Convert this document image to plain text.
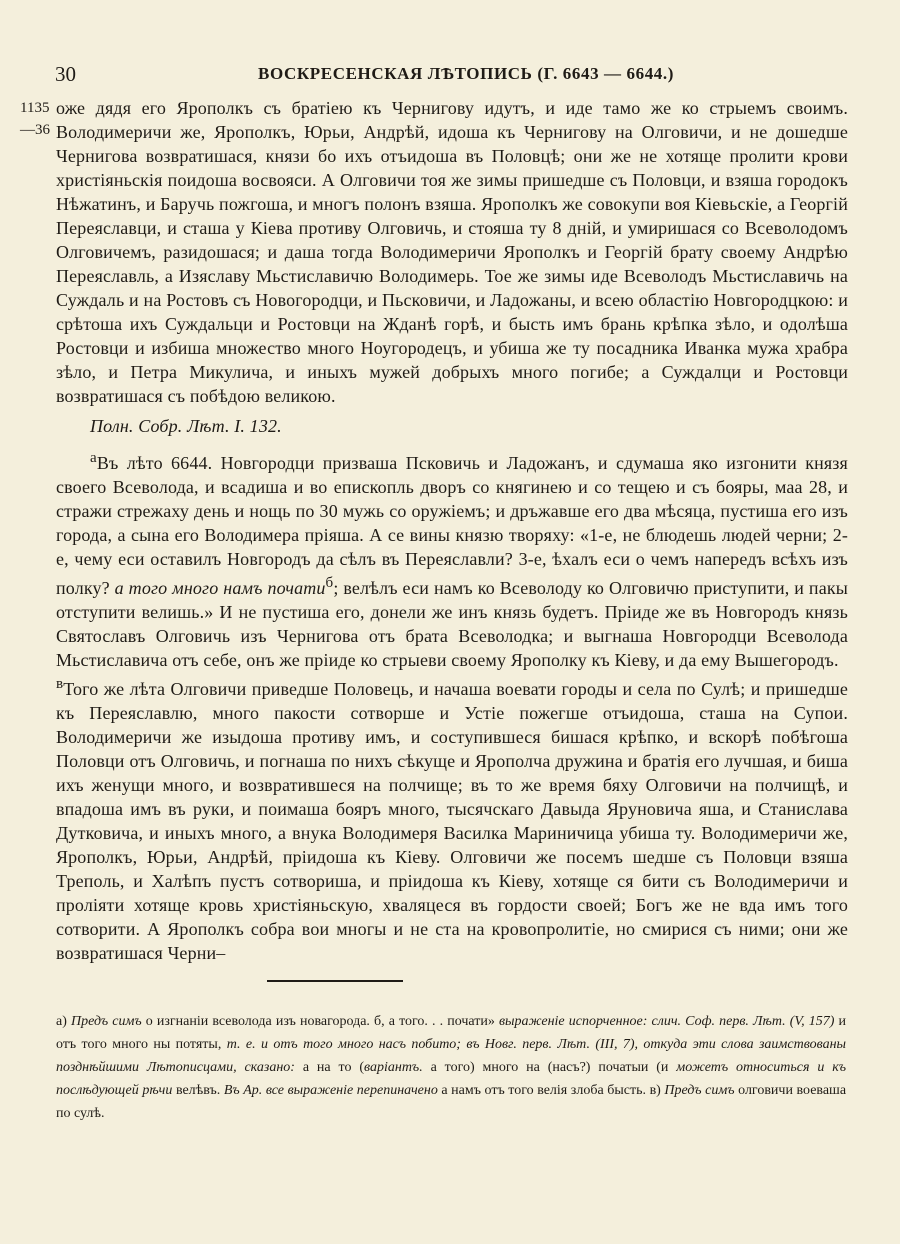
30	ВОСКРЕСЕНСКАЯ ЛѢТОПИСЬ (Г. 6643 — 6644.)
1135
—36

оже дядя его Ярополкъ съ братiею къ Чернигову идутъ, и иде тамо же ко стрыемъ своимъ. Володимеричи же, Ярополкъ, Юрьи, Андрѣй, идоша къ Чернигову на Олговичи, и не дошедше Чернигова возвратишася, князи бо ихъ отъидоша въ Половцѣ; они же не хотяще пролити крови христiяньскiя поидоша восвояси. А Олговичи тоя же зимы пришедше съ Половци, и взяша городокъ Нѣжатинъ, и Баручь пожгоша, и многъ полонъ взяша. Ярополкъ же совокупи воя Кiевьскiе, а Георгiй Переяславци, и сташа у Кiева противу Олговичь, и стояша ту 8 днiй, и умиришася со Всеволодомъ Олговичемъ, разидошася; и даша тогда Володимеричи Ярополкъ и Георгiй брату своему Андрѣю Переяславль, а Изяславу Мьстиславичю Володимерь. Тое же зимы иде Всеволодъ Мьстиславичь на Суждаль и на Ростовъ съ Новогородци, и Пьсковичи, и Ладожаны, и всею областiю Новгородцкою: и срѣтоша ихъ Суждальци и Ростовци на Жданѣ горѣ, и бысть имъ брань крѣпка зѣло, и одолѣша Ростовци и избиша множество много Ноугородецъ, и убиша же ту посадника Иванка мужа храбра зѣло, и Петра Микулича, и иныхъ мужей добрыхъ много погибе; а Суждалци и Ростовци возвратишася съ побѣдою великою.

Полн. Собр. Лѣт. I. 132.

$^а$Въ лѣто 6644. Новгородци призваша Псковичь и Ладожанъ, и сдумаша яко изгонити князя своего Всеволода, и всадиша и во епископль дворъ со княгинею и со тещею и съ бояры, маа 28, и стражи стрежаху день и нощь по 30 мужь со оружiемъ; и дръжавше его два мѣсяца, пустиша его изъ города, а сына его Володимера прiяша. А се вины князю творяху: «1-е, не блюдешь людей черни; 2-е, чему еси оставилъ Новгородъ да сѣлъ въ Переяславли? 3-е, ѣхалъ еси о чемъ напередъ всѣхъ изъ полку? а того много намъ почати$^б$; велѣлъ еси намъ ко Всеволоду ко Олговичю приступити, и пакы отступити велишь.» И не пустиша его, донели же инъ князь будетъ. Прiиде же въ Новгородъ князь Святославъ Олговичь изъ Чернигова отъ брата Всеволодка; и выгнаша Новгородци Всеволода Мьстиславича отъ себе, онъ же прiиде ко стрыеви своему Ярополку къ Кiеву, и да ему Вышегородъ.

$^в$Того же лѣта Олговичи приведше Половець, и начаша воевати городы и села по Сулѣ; и пришедше къ Переяславлю, много пакости сотворше и Устiе пожегше отъидоша, сташа на Супои. Володимеричи же изыдоша противу имъ, и соступившеся бишася крѣпко, и вскорѣ побѣгоша Половци отъ Олговичь, и погнаша по нихъ сѣкуще и Ярополча дружина и братiя его лучшая, и биша ихъ женущи много, и возвратившеся на полчище; въ то же время бяху Олговичи на полчищѣ, и впадоша имъ въ руки, и поимаша бояръ много, тысячскаго Давыда Яруновича яша, и Станислава Дутковича, и иныхъ много, а внука Володимеря Василка Мариничица убиша ту. Володимеричи же, Ярополкъ, Юрьи, Андрѣй, прiидоша къ Кiеву. Олговичи же посемъ шедше съ Половци взяша Треполь, и Халѣпъ пустъ сотвориша, и прiидоша къ Кiеву, хотяще ся бити съ Володимеричи и пролiяти хотяще кровь христiяньскую, хваляцеся въ гордости своей; Богъ же не вда имъ того сотворити. А Ярополкъ собра вои многы и не ста на кровопролитiе, но смирися съ ними; они же возвратишася Черни–

а) Предъ симъ о изгнанiи всеволода изъ новагорода. б, а того. . . почати» выраженiе испорченное: слич. Соф. перв. Лѣт. (V, 157) и отъ того много ны потяты, т. е. и отъ того много насъ побито; въ Новг. перв. Лѣт. (III, 7), откуда эти слова заимствованы позднѣйшими Лѣтописцами, сказано: а на то (варiантъ. а того) много на (насъ?) початыи (и можетъ относиться и къ послѣдующей рѣчи велѣвъ. Въ Ар. все выраженiе перепиначено а намъ отъ того велiя злоба бысть. в) Предъ симъ олговичи воеваша по сулѣ.
